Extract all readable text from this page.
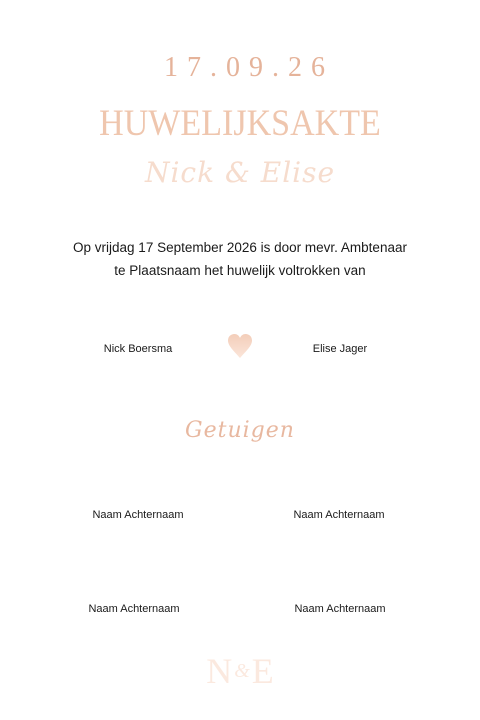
17.09.26
HUWELIJKSAKTE
Nick & Elise
Op vrijdag 17 September 2026 is door mevr. Ambtenaar
te Plaatsnaam het huwelijk voltrokken van
Nick Boersma	Elise Jager
Getuigen
Naam Achternaam	Naam Achternaam
Naam Achternaam	Naam Achternaam
N &E
